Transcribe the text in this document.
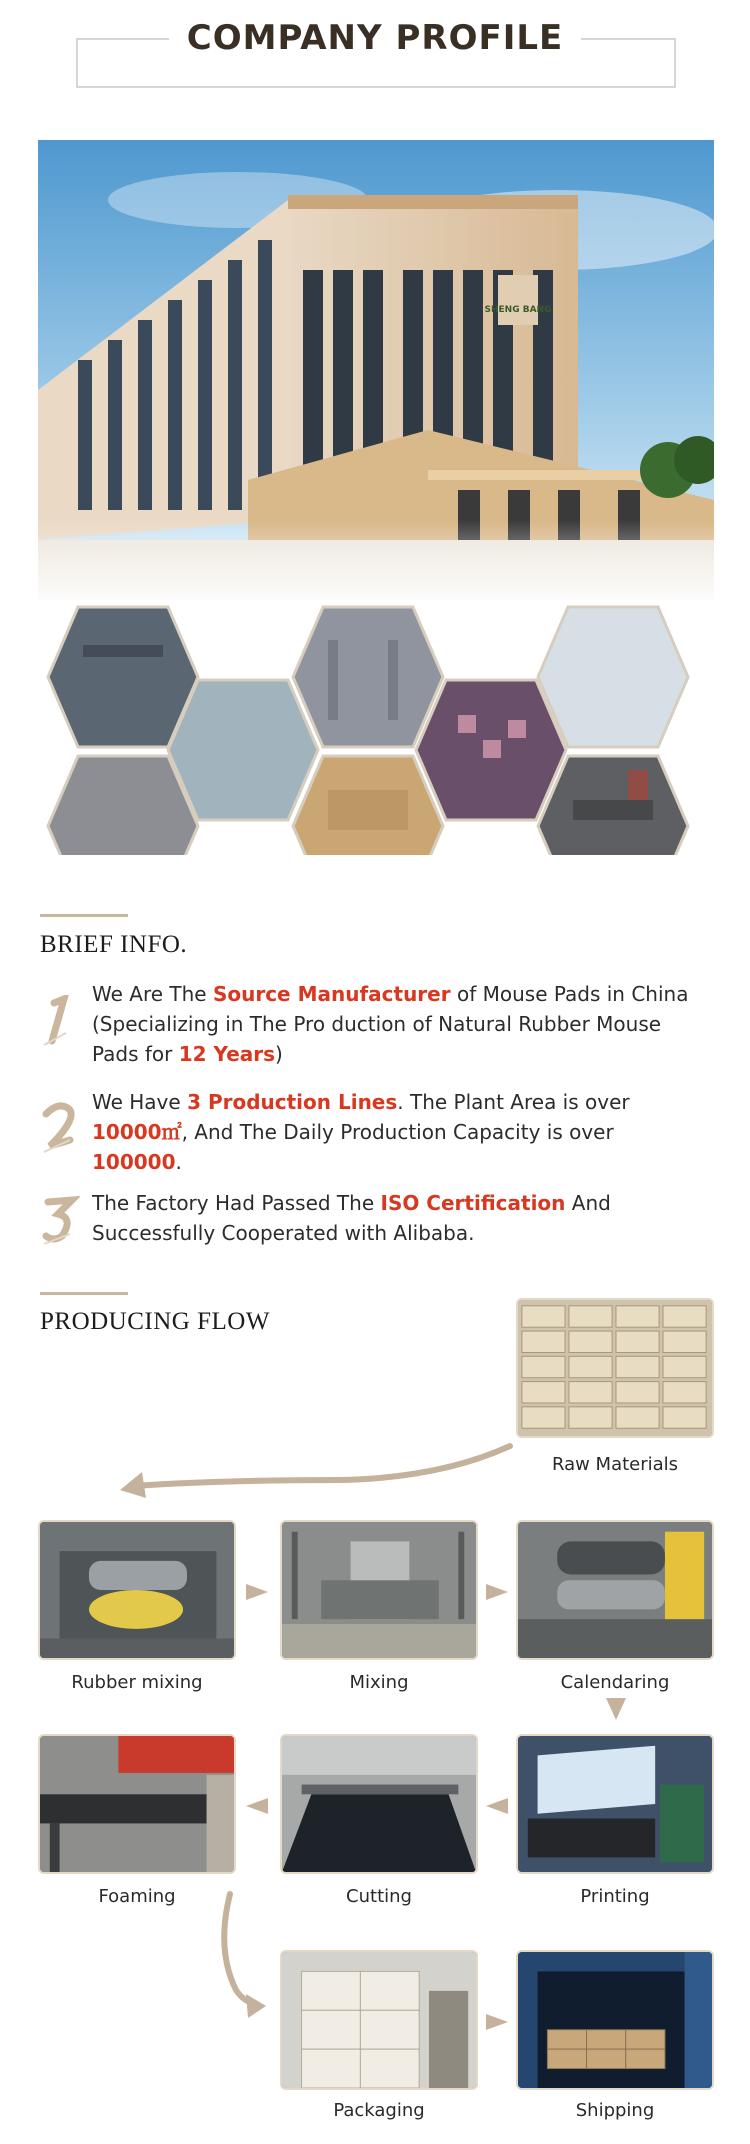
COMPANY PROFILE
SHENG BANG
BRIEF INFO.
We Are The Source Manufacturer of Mouse Pads in China (Specializing in The Pro duction of Natural Rubber Mouse Pads for 12 Years)
We Have 3 Production Lines. The Plant Area is over 10000㎡, And The Daily Production Capacity is over 100000.
The Factory Had Passed The ISO Certification And Successfully Cooperated with Alibaba.
PRODUCING FLOW
Raw Materials
Rubber mixing	Mixing	Calendaring
Foaming	Cutting	Printing
Packaging	Shipping
